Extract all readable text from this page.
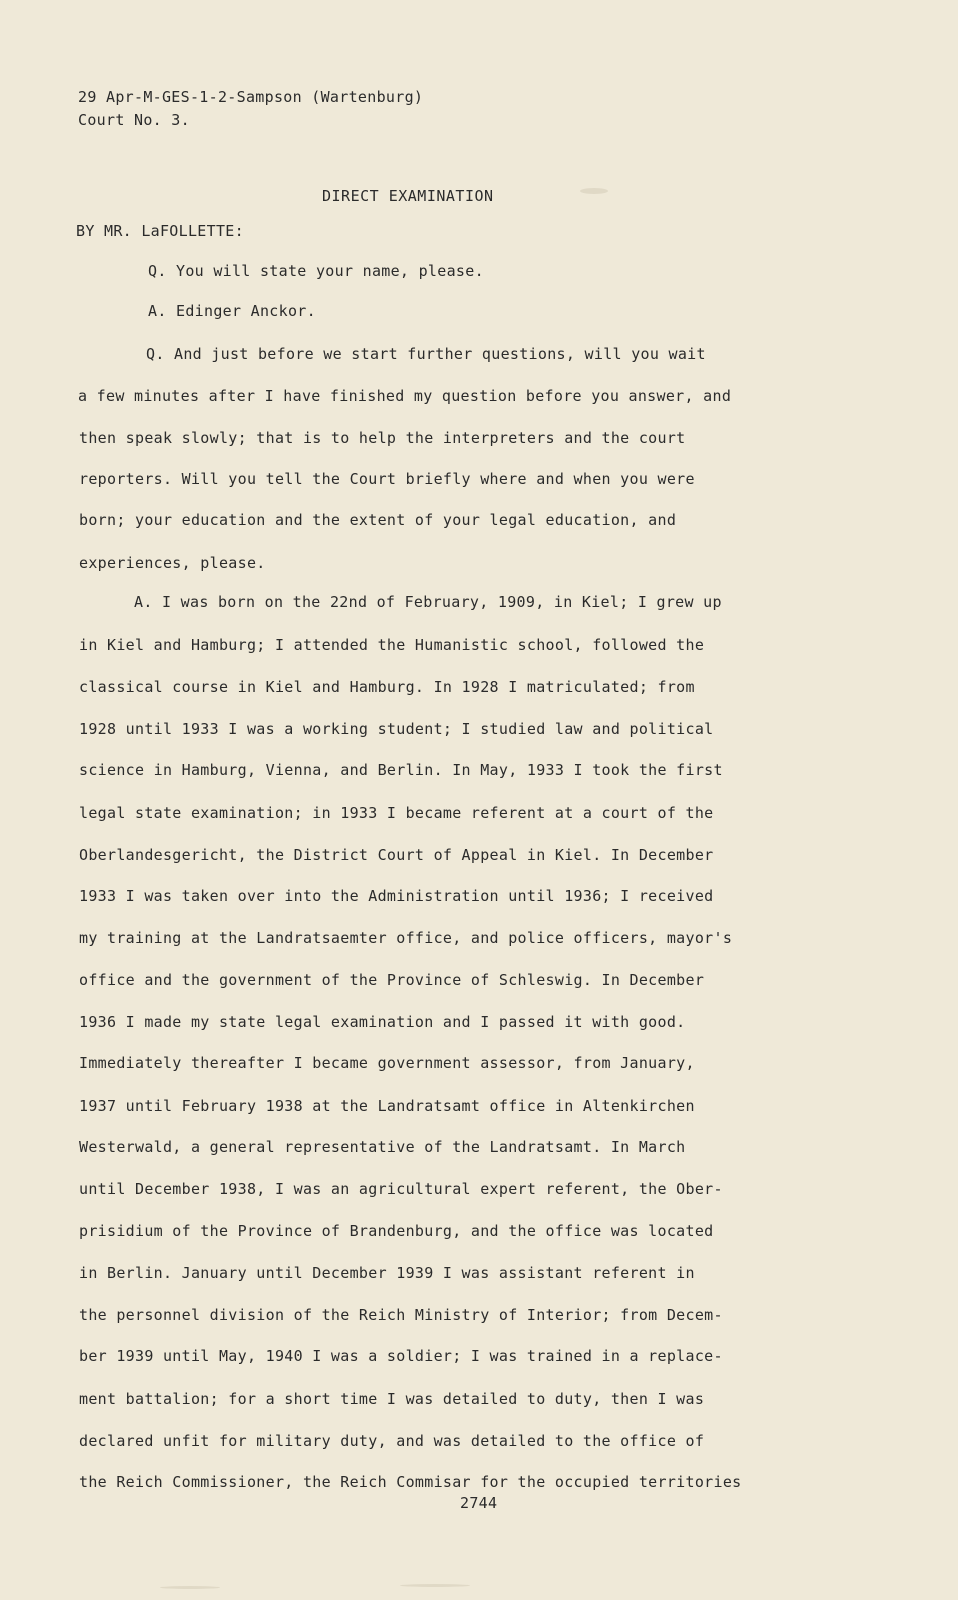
29 Apr-M-GES-1-2-Sampson (Wartenburg)
Court No. 3.
DIRECT EXAMINATION
BY MR. LaFOLLETTE:
Q. You will state your name, please.
A. Edinger Anckor.
Q. And just before we start further questions, will you wait
a few minutes after I have finished my question before you answer, and
then speak slowly; that is to help the interpreters and the court
reporters. Will you tell the Court briefly where and when you were
born; your education and the extent of your legal education, and
experiences, please.
A. I was born on the 22nd of February, 1909, in Kiel; I grew up
in Kiel and Hamburg; I attended the Humanistic school, followed the
classical course in Kiel and Hamburg. In 1928 I matriculated; from
1928 until 1933 I was a working student; I studied law and political
science in Hamburg, Vienna, and Berlin. In May, 1933 I took the first
legal state examination; in 1933 I became referent at a court of the
Oberlandesgericht, the District Court of Appeal in Kiel. In December
1933 I was taken over into the Administration until 1936; I received
my training at the Landratsaemter office, and police officers, mayor's
office and the government of the Province of Schleswig. In December
1936 I made my state legal examination and I passed it with good.
Immediately thereafter I became government assessor, from January,
1937 until February 1938 at the Landratsamt office in Altenkirchen
Westerwald, a general representative of the Landratsamt. In March
until December 1938, I was an agricultural expert referent, the Ober-
prisidium of the Province of Brandenburg, and the office was located
in Berlin. January until December 1939 I was assistant referent in
the personnel division of the Reich Ministry of Interior; from Decem-
ber 1939 until May, 1940 I was a soldier; I was trained in a replace-
ment battalion; for a short time I was detailed to duty, then I was
declared unfit for military duty, and was detailed to the office of
the Reich Commissioner, the Reich Commisar for the occupied territories
2744
